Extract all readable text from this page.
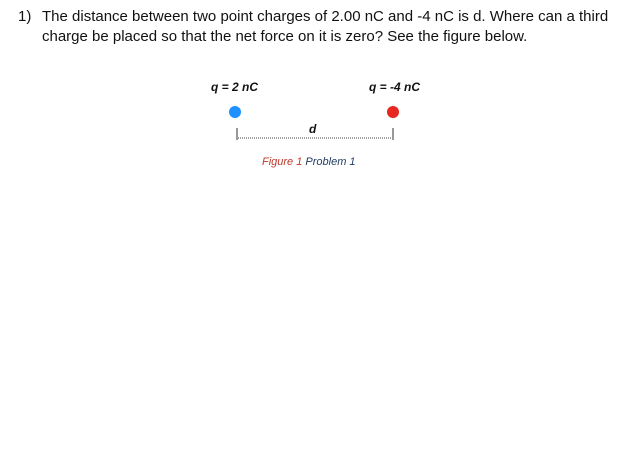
1) The distance between two point charges of 2.00 nC and -4 nC is d. Where can a third charge be placed so that the net force on it is zero? See the figure below.
q = 2 nC	q = -4 nC
d
Figure 1 Problem 1
